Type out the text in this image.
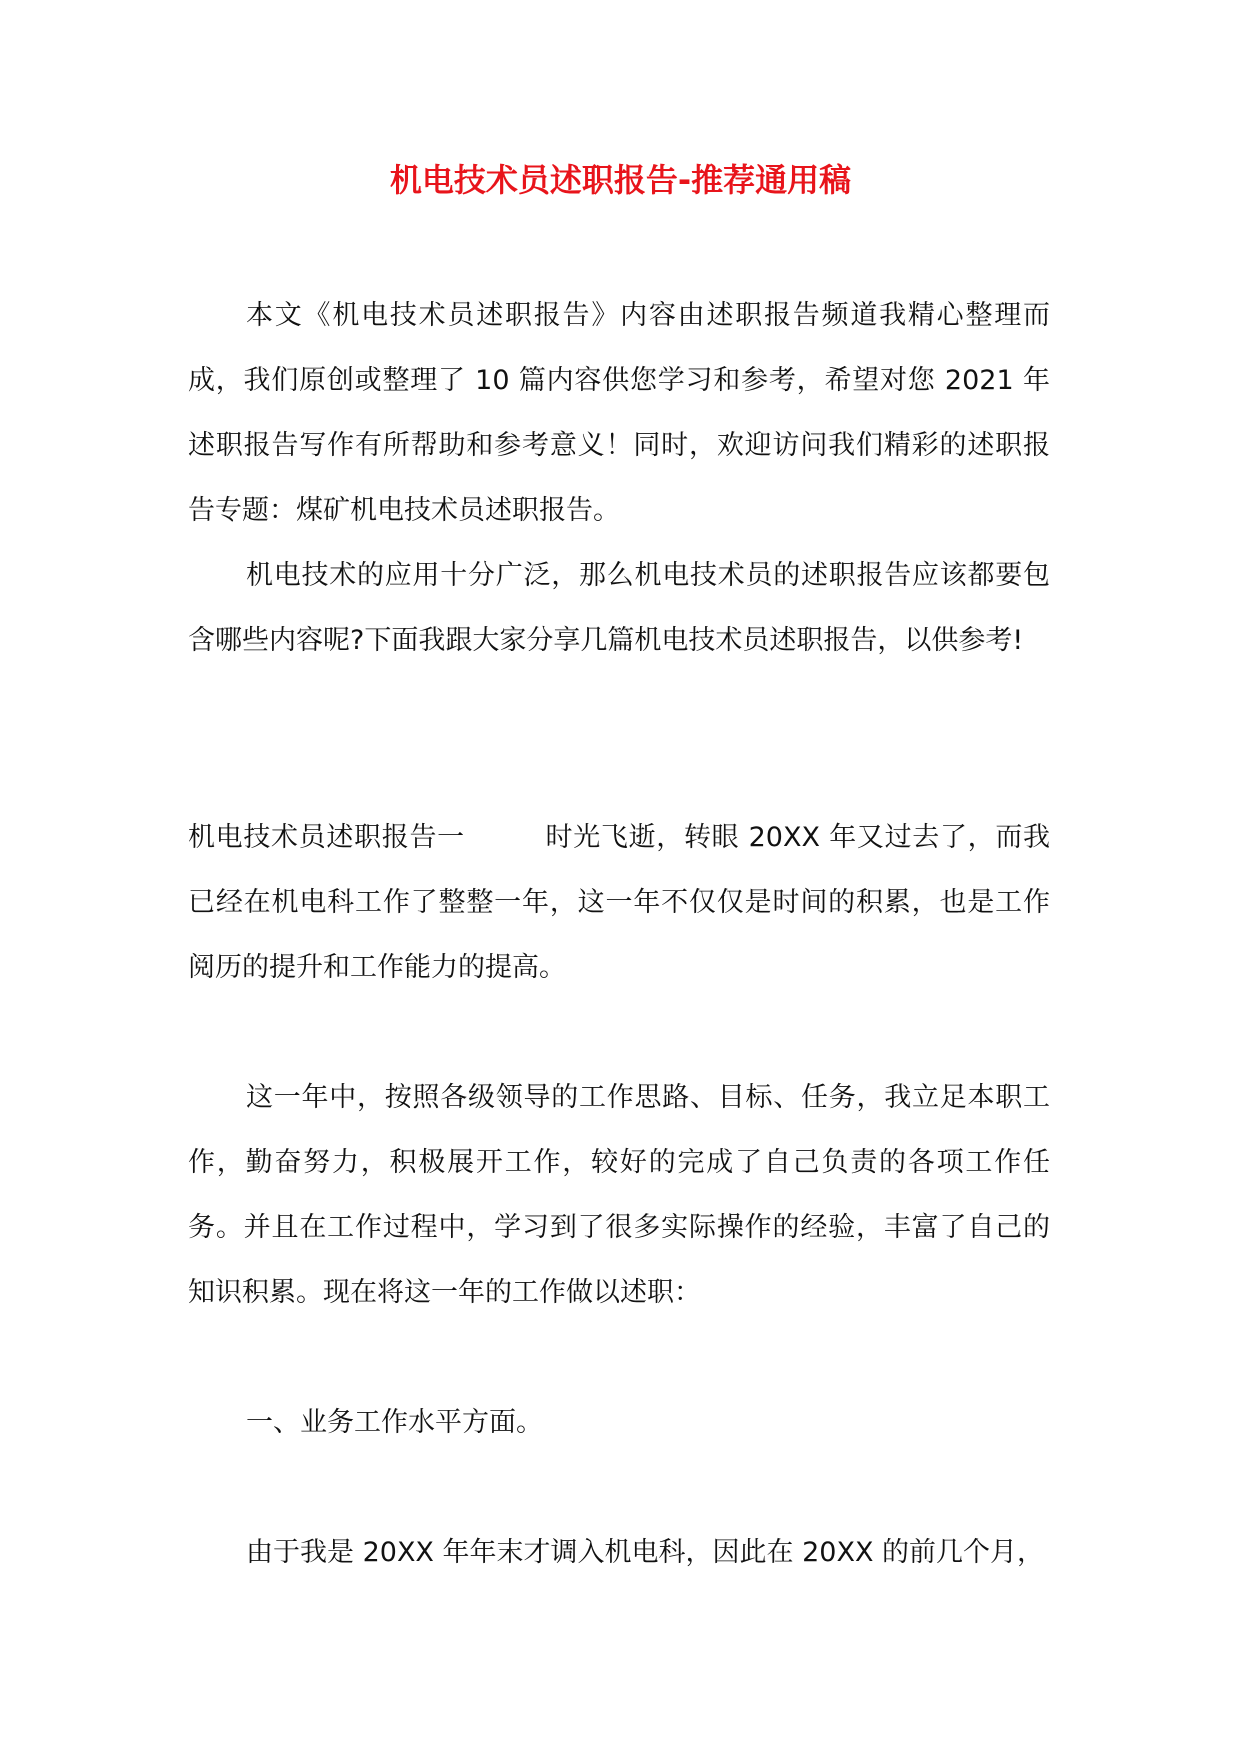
机电技术员述职报告-推荐通用稿

本文《机电技术员述职报告》内容由述职报告频道我精心整理而成，我们原创或整理了 10 篇内容供您学习和参考，希望对您 2021 年述职报告写作有所帮助和参考意义！同时，欢迎访问我们精彩的述职报告专题：煤矿机电技术员述职报告。

机电技术的应用十分广泛，那么机电技术员的述职报告应该都要包含哪些内容呢?下面我跟大家分享几篇机电技术员述职报告，以供参考!

机电技术员述职报告一	时光飞逝，转眼 20XX 年又过去了，而我已经在机电科工作了整整一年，这一年不仅仅是时间的积累，也是工作阅历的提升和工作能力的提高。

这一年中，按照各级领导的工作思路、目标、任务，我立足本职工作，勤奋努力，积极展开工作，较好的完成了自己负责的各项工作任务。并且在工作过程中，学习到了很多实际操作的经验，丰富了自己的知识积累。现在将这一年的工作做以述职：

一、业务工作水平方面。

由于我是 20XX 年年末才调入机电科，因此在 20XX 的前几个月，
